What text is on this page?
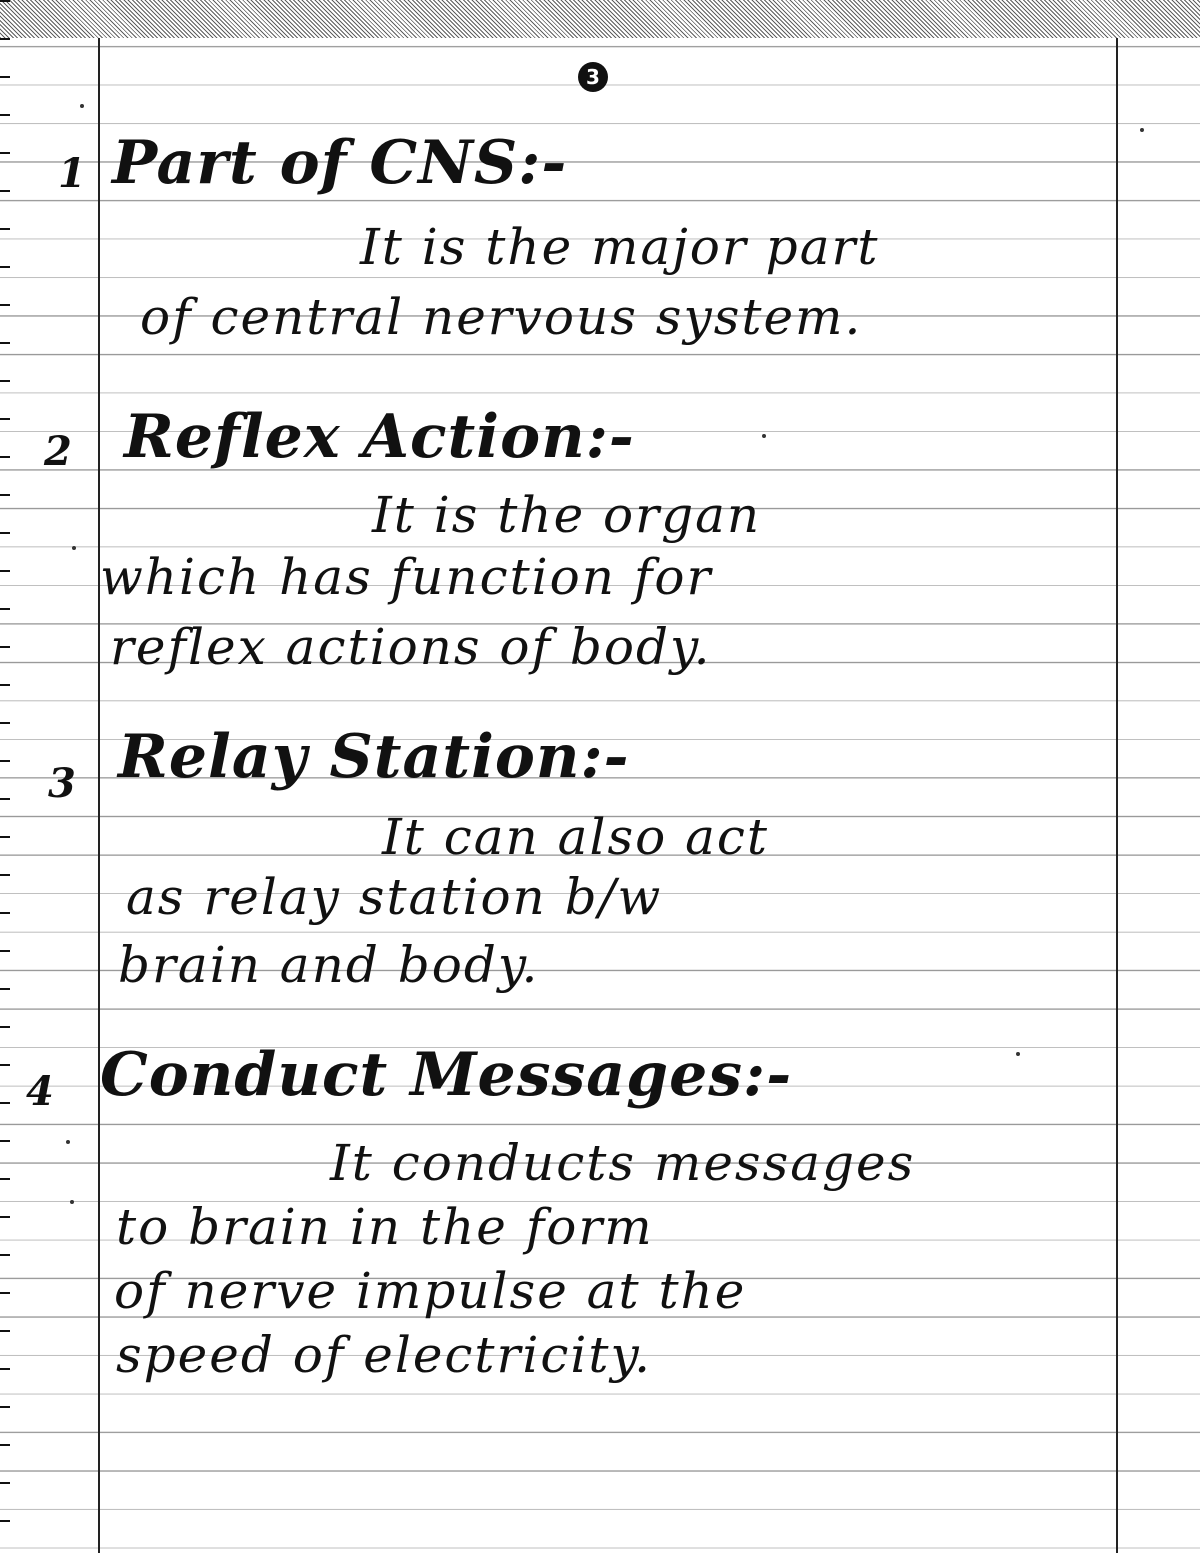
3
1 Part of CNS:-
It is the major part
of central nervous system.
2 Reflex Action:-
It is the organ
which has function for
reflex actions of body.
3 Relay Station:-
It can also act
as relay station b/w
brain and body.
4 Conduct Messages:-
It conducts messages
to brain in the form
of nerve impulse at the
speed of electricity.
